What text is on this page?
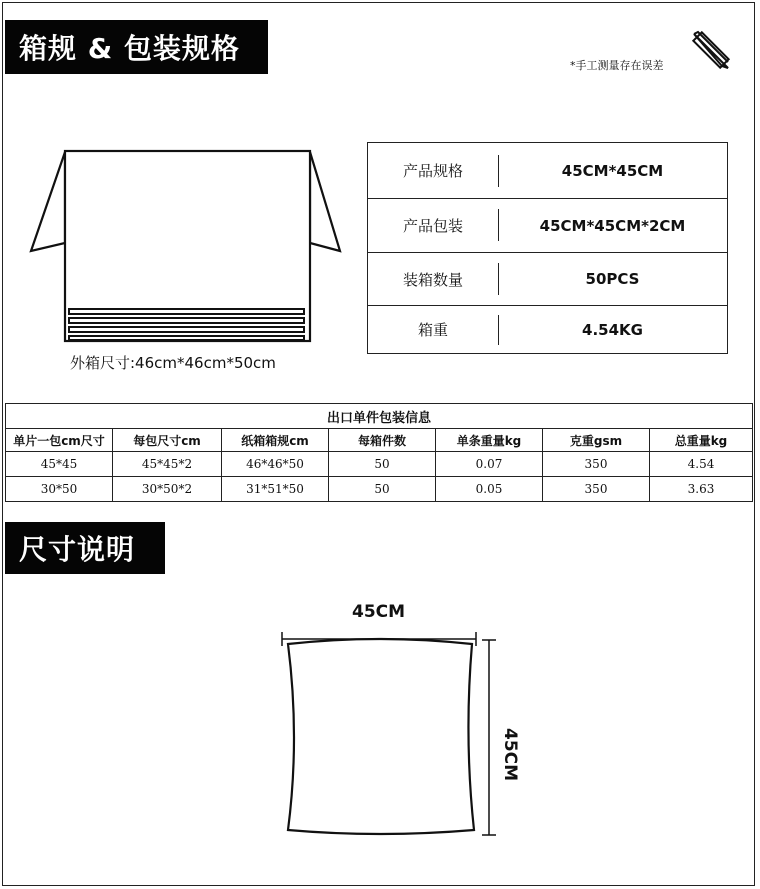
箱规 & 包装规格
*手工测量存在误差
外箱尺寸:46cm*46cm*50cm
产品规格	45CM*45CM
产品包装	45CM*45CM*2CM
装箱数量	50PCS
箱重	4.54KG
出口单件包装信息						
单片一包cm尺寸	每包尺寸cm	纸箱箱规cm	每箱件数	单条重量kg	克重gsm	总重量kg
45*45	45*45*2	46*46*50	50	0.07	350	4.54
30*50	30*50*2	31*51*50	50	0.05	350	3.63
尺寸说明
45CM
45CM
